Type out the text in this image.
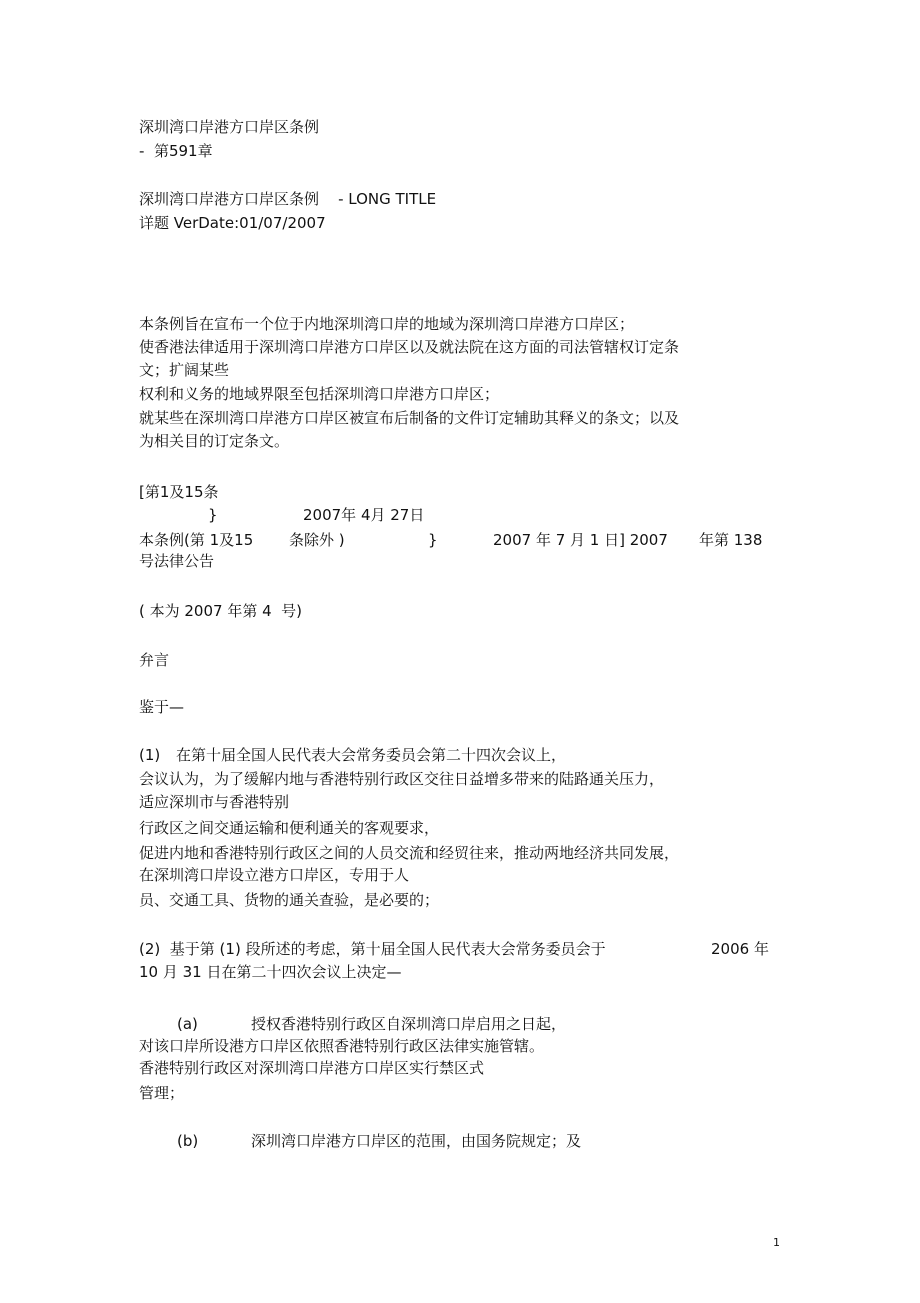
深圳湾口岸港方口岸区条例
-  第591章
深圳湾口岸港方口岸区条例    - LONG TITLE
详题 VerDate:01/07/2007
本条例旨在宣布一个位于内地深圳湾口岸的地域为深圳湾口岸港方口岸区；
使香港法律适用于深圳湾口岸港方口岸区以及就法院在这方面的司法管辖权订定条
文；扩阔某些
权利和义务的地域界限至包括深圳湾口岸港方口岸区；
就某些在深圳湾口岸港方口岸区被宣布后制备的文件订定辅助其释义的条文；以及
为相关目的订定条文。
[第1及15条
}	2007年 4月 27日
本条例(第 1及15 条除外 )	}	2007 年 7 月 1 日] 2007 年第 138
号法律公告
( 本为 2007 年第 4  号)
弁言
鉴于—
(1) 在第十届全国人民代表大会常务委员会第二十四次会议上，
会议认为，为了缓解内地与香港特别行政区交往日益增多带来的陆路通关压力，
适应深圳市与香港特别
行政区之间交通运输和便利通关的客观要求，
促进内地和香港特别行政区之间的人员交流和经贸往来，推动两地经济共同发展，
在深圳湾口岸设立港方口岸区，专用于人
员、交通工具、货物的通关查验，是必要的；
(2)  基于第 (1) 段所述的考虑，第十届全国人民代表大会常务委员会于	2006 年
10 月 31 日在第二十四次会议上决定—
(a)	授权香港特别行政区自深圳湾口岸启用之日起，
对该口岸所设港方口岸区依照香港特别行政区法律实施管辖。
香港特别行政区对深圳湾口岸港方口岸区实行禁区式
管理；
(b)	深圳湾口岸港方口岸区的范围，由国务院规定；及
1
